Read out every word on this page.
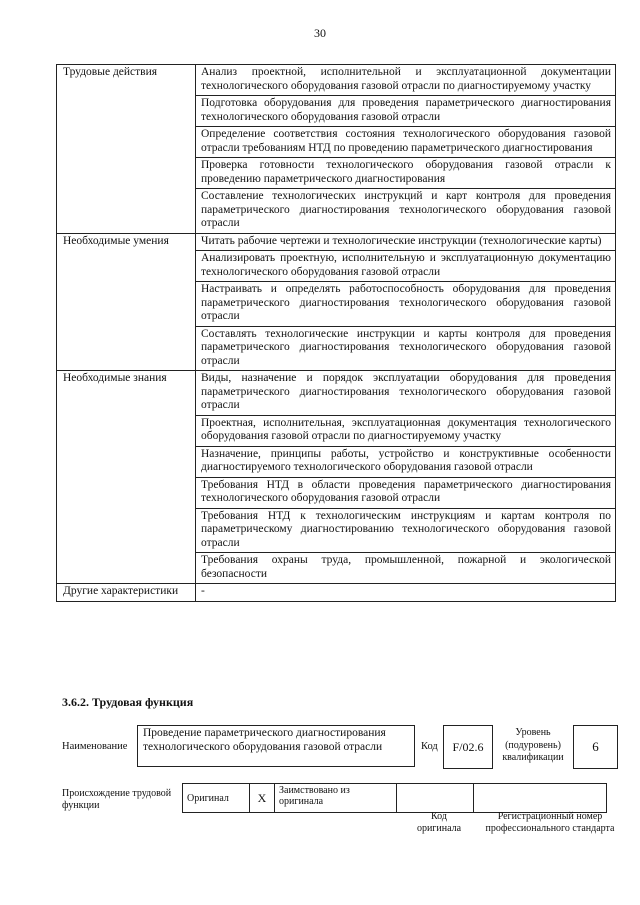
30
Трудовые действия	Анализ проектной, исполнительной и эксплуатационной документации технологического оборудования газовой отрасли по диагностируемому участку
	Подготовка оборудования для проведения параметрического диагностирования технологического оборудования газовой отрасли
	Определение соответствия состояния технологического оборудования газовой отрасли требованиям НТД по проведению параметрического диагностирования
	Проверка готовности технологического оборудования газовой отрасли к проведению параметрического диагностирования
	Составление технологических инструкций и карт контроля для проведения параметрического диагностирования технологического оборудования газовой отрасли
Необходимые умения	Читать рабочие чертежи и технологические инструкции (технологические карты)
	Анализировать проектную, исполнительную и эксплуатационную документацию технологического оборудования газовой отрасли
	Настраивать и определять работоспособность оборудования для проведения параметрического диагностирования технологического оборудования газовой отрасли
	Составлять технологические инструкции и карты контроля для проведения параметрического диагностирования технологического оборудования газовой отрасли
Необходимые знания	Виды, назначение и порядок эксплуатации оборудования для проведения параметрического диагностирования технологического оборудования газовой отрасли
	Проектная, исполнительная, эксплуатационная документация технологического оборудования газовой отрасли по диагностируемому участку
	Назначение, принципы работы, устройство и конструктивные особенности диагностируемого технологического оборудования газовой отрасли
	Требования НТД в области проведения параметрического диагностирования технологического оборудования газовой отрасли
	Требования НТД к технологическим инструкциям и картам контроля по параметрическому диагностированию технологического оборудования газовой отрасли
	Требования охраны труда, промышленной, пожарной и экологической безопасности
Другие характеристики	-
3.6.2. Трудовая функция
Наименование
Проведение параметрического диагностирования технологического оборудования газовой отрасли	Код	F/02.6
Уровень (подуровень) квалификации
6
Происхождение трудовой функции
Оригинал	X	Заимствовано из оригинала		
Код оригинала
Регистрационный номер профессионального стандарта
